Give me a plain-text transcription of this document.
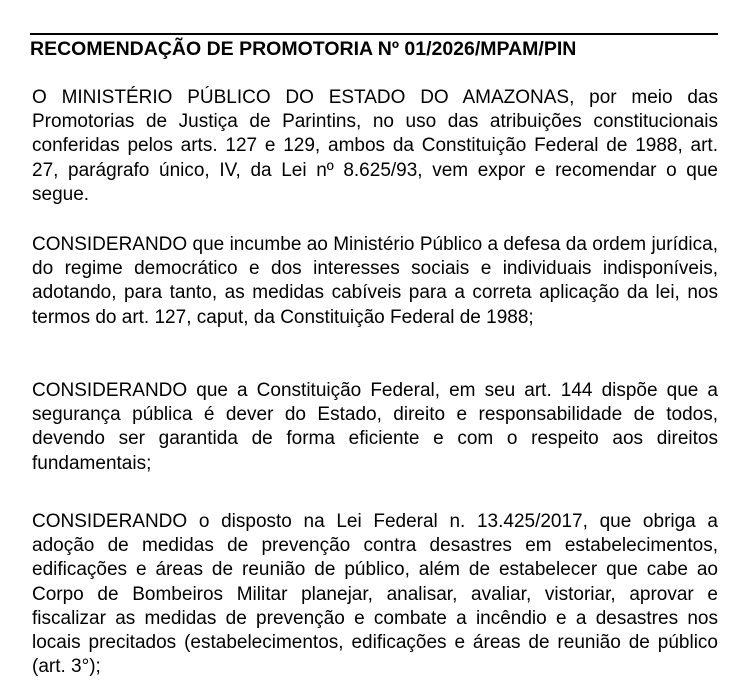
RECOMENDAÇÃO DE PROMOTORIA Nº 01/2026/MPAM/PIN

O MINISTÉRIO PÚBLICO DO ESTADO DO AMAZONAS, por meio das Promotorias de Justiça de Parintins, no uso das atribuições constitucionais conferidas pelos arts. 127 e 129, ambos da Constituição Federal de 1988, art. 27, parágrafo único, IV, da Lei nº 8.625/93, vem expor e recomendar o que segue.

CONSIDERANDO que incumbe ao Ministério Público a defesa da ordem jurídica, do regime democrático e dos interesses sociais e individuais indisponíveis, adotando, para tanto, as medidas cabíveis para a correta aplicação da lei, nos termos do art. 127, caput, da Constituição Federal de 1988;

CONSIDERANDO que a Constituição Federal, em seu art. 144 dispõe que a segurança pública é dever do Estado, direito e responsabilidade de todos, devendo ser garantida de forma eficiente e com o respeito aos direitos fundamentais;

CONSIDERANDO o disposto na Lei Federal n. 13.425/2017, que obriga a adoção de medidas de prevenção contra desastres em estabelecimentos, edificações e áreas de reunião de público, além de estabelecer que cabe ao Corpo de Bombeiros Militar planejar, analisar, avaliar, vistoriar, aprovar e fiscalizar as medidas de prevenção e combate a incêndio e a desastres nos locais precitados (estabelecimentos, edificações e áreas de reunião de público (art. 3°);
